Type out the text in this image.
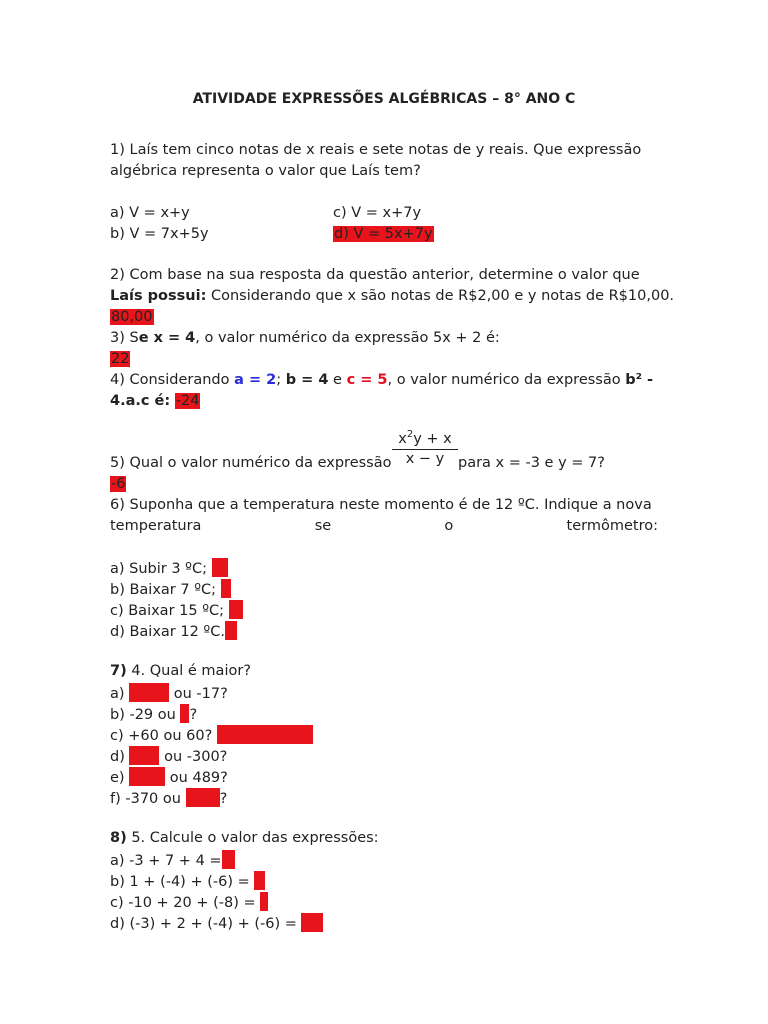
ATIVIDADE EXPRESSÕES ALGÉBRICAS – 8° ANO C
1) Laís tem cinco notas de x reais e sete notas de y reais. Que expressão
algébrica representa o valor que Laís tem?
a) V = x+y	c) V = x+7y
b) V = 7x+5y	d) V = 5x+7y
2) Com base na sua resposta da questão anterior, determine o valor que
Laís possui: Considerando que x são notas de R$2,00 e y notas de R$10,00.
80,00
3) Se x = 4, o valor numérico da expressão 5x + 2 é:
22
4) Considerando a = 2; b = 4 e c = 5, o valor numérico da expressão b² -
4.a.c é: -24
$\frac{x^2y + x}{x - y}$
5) Qual o valor numérico da expressão	para x = -3 e y = 7?
-6
6) Suponha que a temperatura neste momento é de 12 ºC. Indique a nova
temperatura	se	o	termômetro:
a) Subir 3 ºC;
b) Baixar 7 ºC;
c) Baixar 15 ºC;
d) Baixar 12 ºC.
7) 4. Qual é maior?
a)	ou -17?
b) -29 ou ?
c) +60 ou 60?
d)  ou -300?
e)	ou 489?
f) -370 ou	?
8) 5. Calcule o valor das expressões:
a) -3 + 7 + 4 =
b) 1 + (-4) + (-6) =
c) -10 + 20 + (-8) =
d) (-3) + 2 + (-4) + (-6) =
